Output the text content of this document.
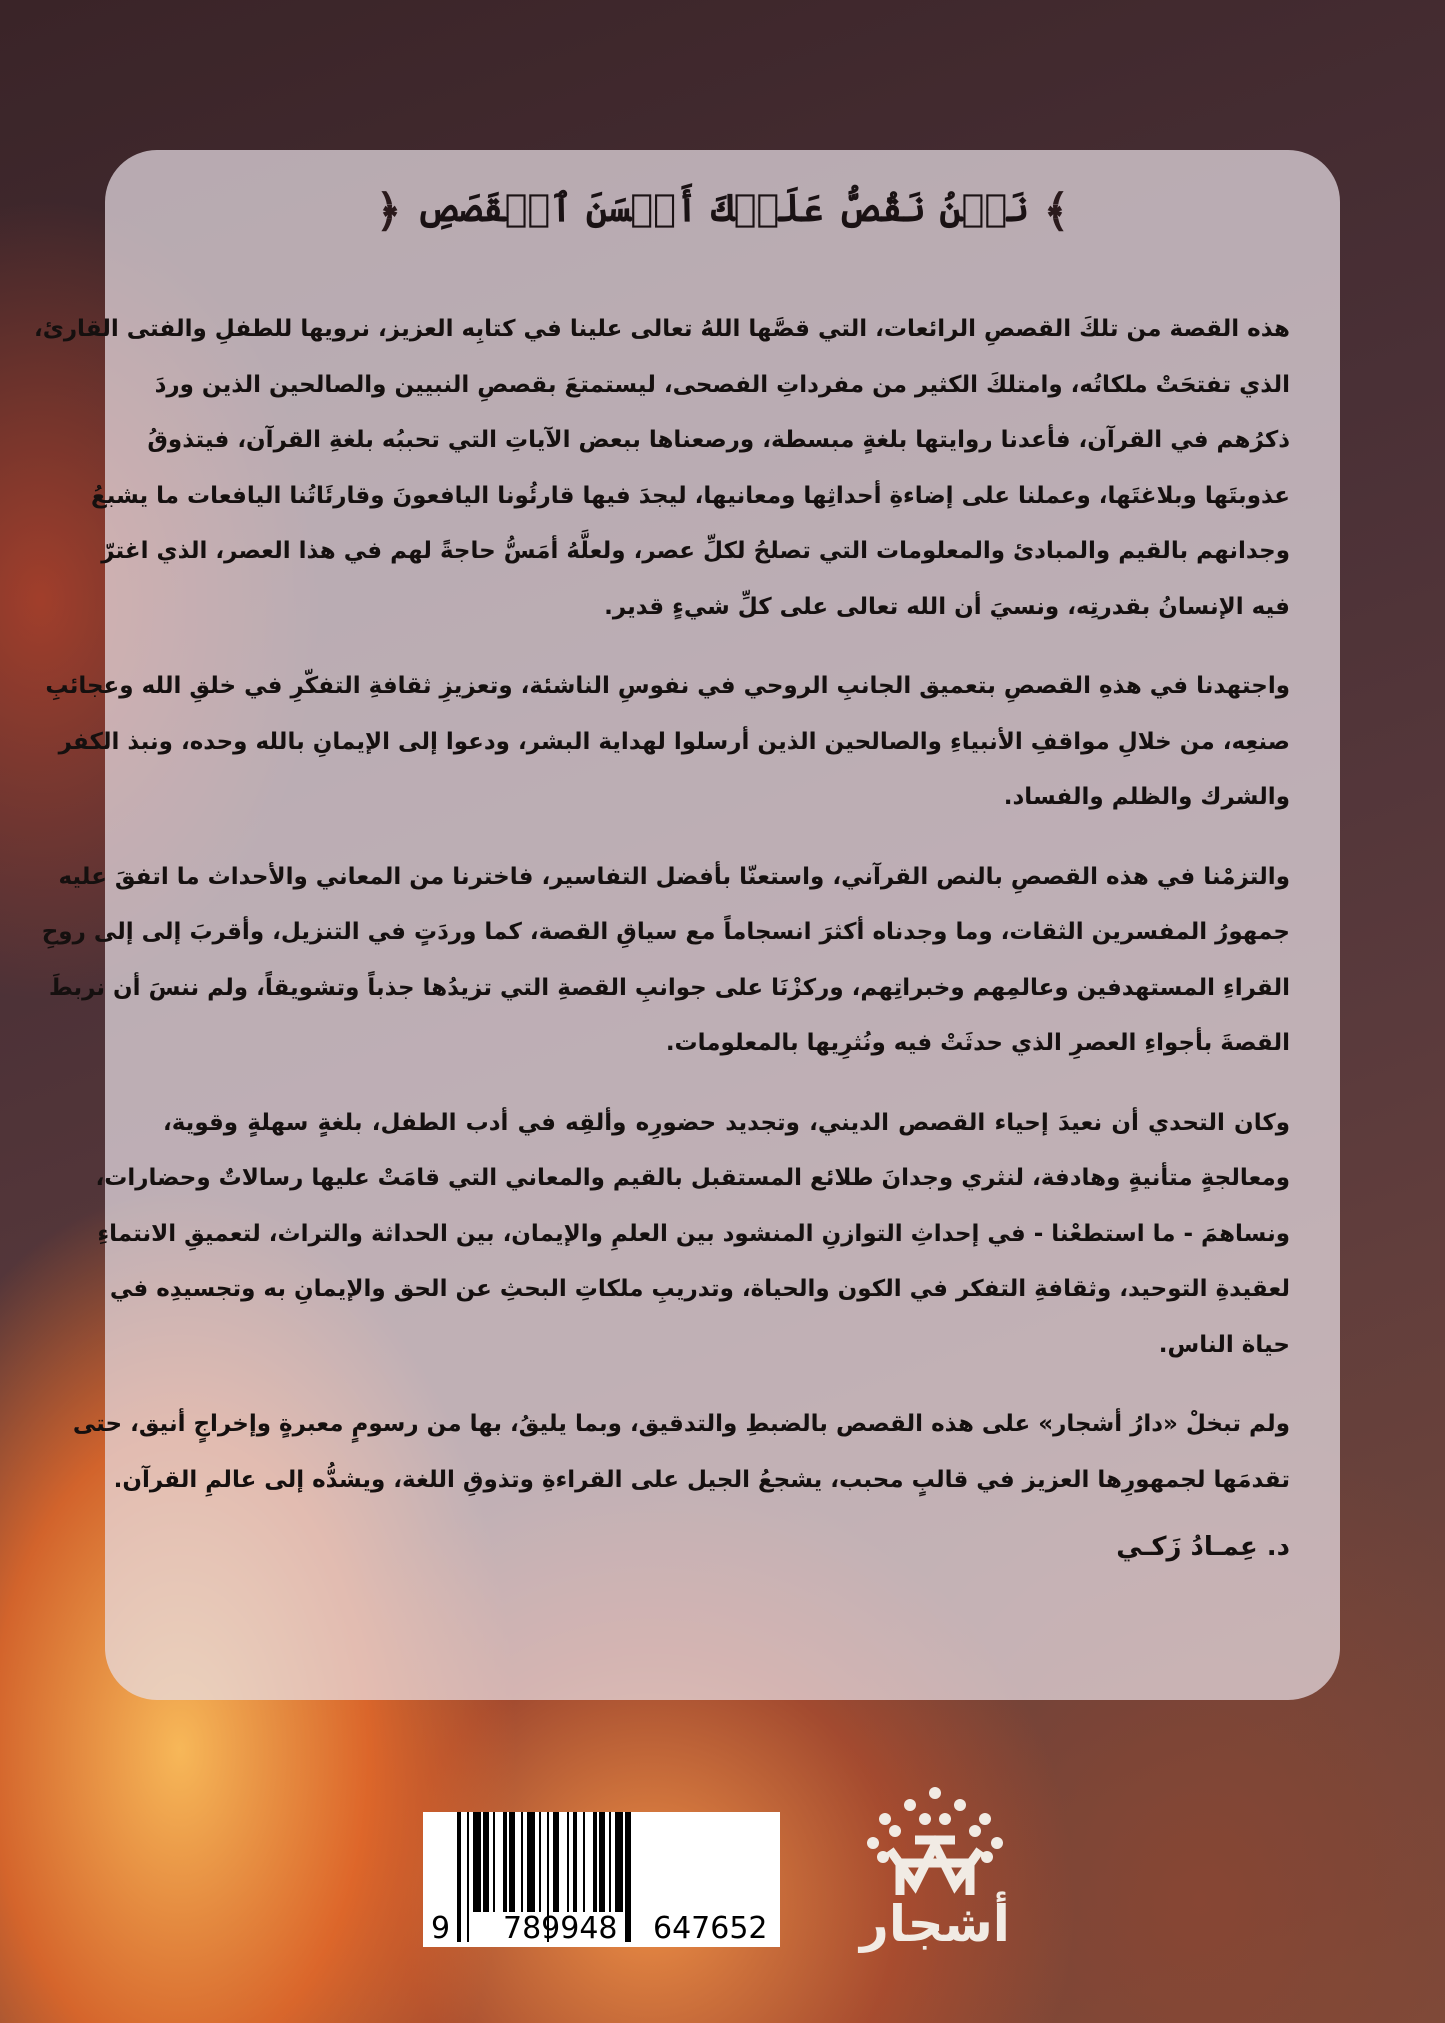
﴾نَحۡنُ نَقُصُّ عَلَيۡكَ أَحۡسَنَ ٱلۡقَصَصِ﴿
هذه القصة من تلكَ القصصِ الرائعات، التي قصَّها اللهُ تعالى علينا في كتابِه العزيز، نرويها للطفلِ والفتى القارئ،
الذي تفتحَتْ ملكاتُه، وامتلكَ الكثير من مفرداتِ الفصحى، ليستمتعَ بقصصِ النبيين والصالحين الذين وردَ
ذكرُهم في القرآن، فأعدنا روايتها بلغةٍ مبسطة، ورصعناها ببعض الآياتِ التي تحببُه بلغةِ القرآن، فيتذوقُ
عذوبتَها وبلاغتَها، وعملنا على إضاءةِ أحداثِها ومعانيها، ليجدَ فيها قارئُونا اليافعونَ وقارئَاتُنا اليافعات ما يشبعُ
وجدانهم بالقيم والمبادئ والمعلومات التي تصلحُ لكلِّ عصر، ولعلَّهُ أمَسُّ حاجةً لهم في هذا العصر، الذي اغترّ
فيه الإنسانُ بقدرتِه، ونسيَ أن الله تعالى على كلِّ شيءٍ قدير.
واجتهدنا في هذهِ القصصِ بتعميق الجانبِ الروحي في نفوسِ الناشئة، وتعزيزِ ثقافةِ التفكّرِ في خلقِ الله وعجائبِ
صنعِه، من خلالِ مواقفِ الأنبياءِ والصالحين الذين أرسلوا لهداية البشر، ودعوا إلى الإيمانِ بالله وحده، ونبذ الكفر
والشرك والظلم والفساد.
والتزمْنا في هذه القصصِ بالنص القرآني، واستعنّا بأفضل التفاسير، فاخترنا من المعاني والأحداث ما اتفقَ عليه
جمهورُ المفسرين الثقات، وما وجدناه أكثرَ انسجاماً مع سياقِ القصة، كما وردَتٍ في التنزيل، وأقربَ إلى إلى روحِ
القراءِ المستهدفين وعالمِهم وخبراتِهم، وركزْنَا على جوانبِ القصةِ التي تزيدُها جذباً وتشويقاً، ولم ننسَ أن نربطَ
القصةَ بأجواءِ العصرِ الذي حدثَتْ فيه ونُثرِيها بالمعلومات.
وكان التحدي أن نعيدَ إحياء القصص الديني، وتجديد حضورِه وألقِه في أدب الطفل، بلغةٍ سهلةٍ وقوية،
ومعالجةٍ متأنيةٍ وهادفة، لنثري وجدانَ طلائع المستقبل بالقيم والمعاني التي قامَتْ عليها رسالاتٌ وحضارات،
ونساهمَ - ما استطعْنا - في إحداثِ التوازنِ المنشود بين العلمِ والإيمان، بين الحداثة والتراث، لتعميقِ الانتماءِ
لعقيدةِ التوحيد، وثقافةِ التفكر في الكون والحياة، وتدريبِ ملكاتِ البحثِ عن الحق والإيمانِ به وتجسيدِه في
حياة الناس.
ولم تبخلْ «دارُ أشجار» على هذه القصص بالضبطِ والتدقيق، وبما يليقُ، بها من رسومٍ معبرةٍ وإخراجٍ أنيق، حتى
تقدمَها لجمهورِها العزيز في قالبٍ محبب، يشجعُ الجيل على القراءةِ وتذوقِ اللغة، ويشدُّه إلى عالمِ القرآن.
د. عِمـادُ زَكـي
9 789948 647652 أشجار
